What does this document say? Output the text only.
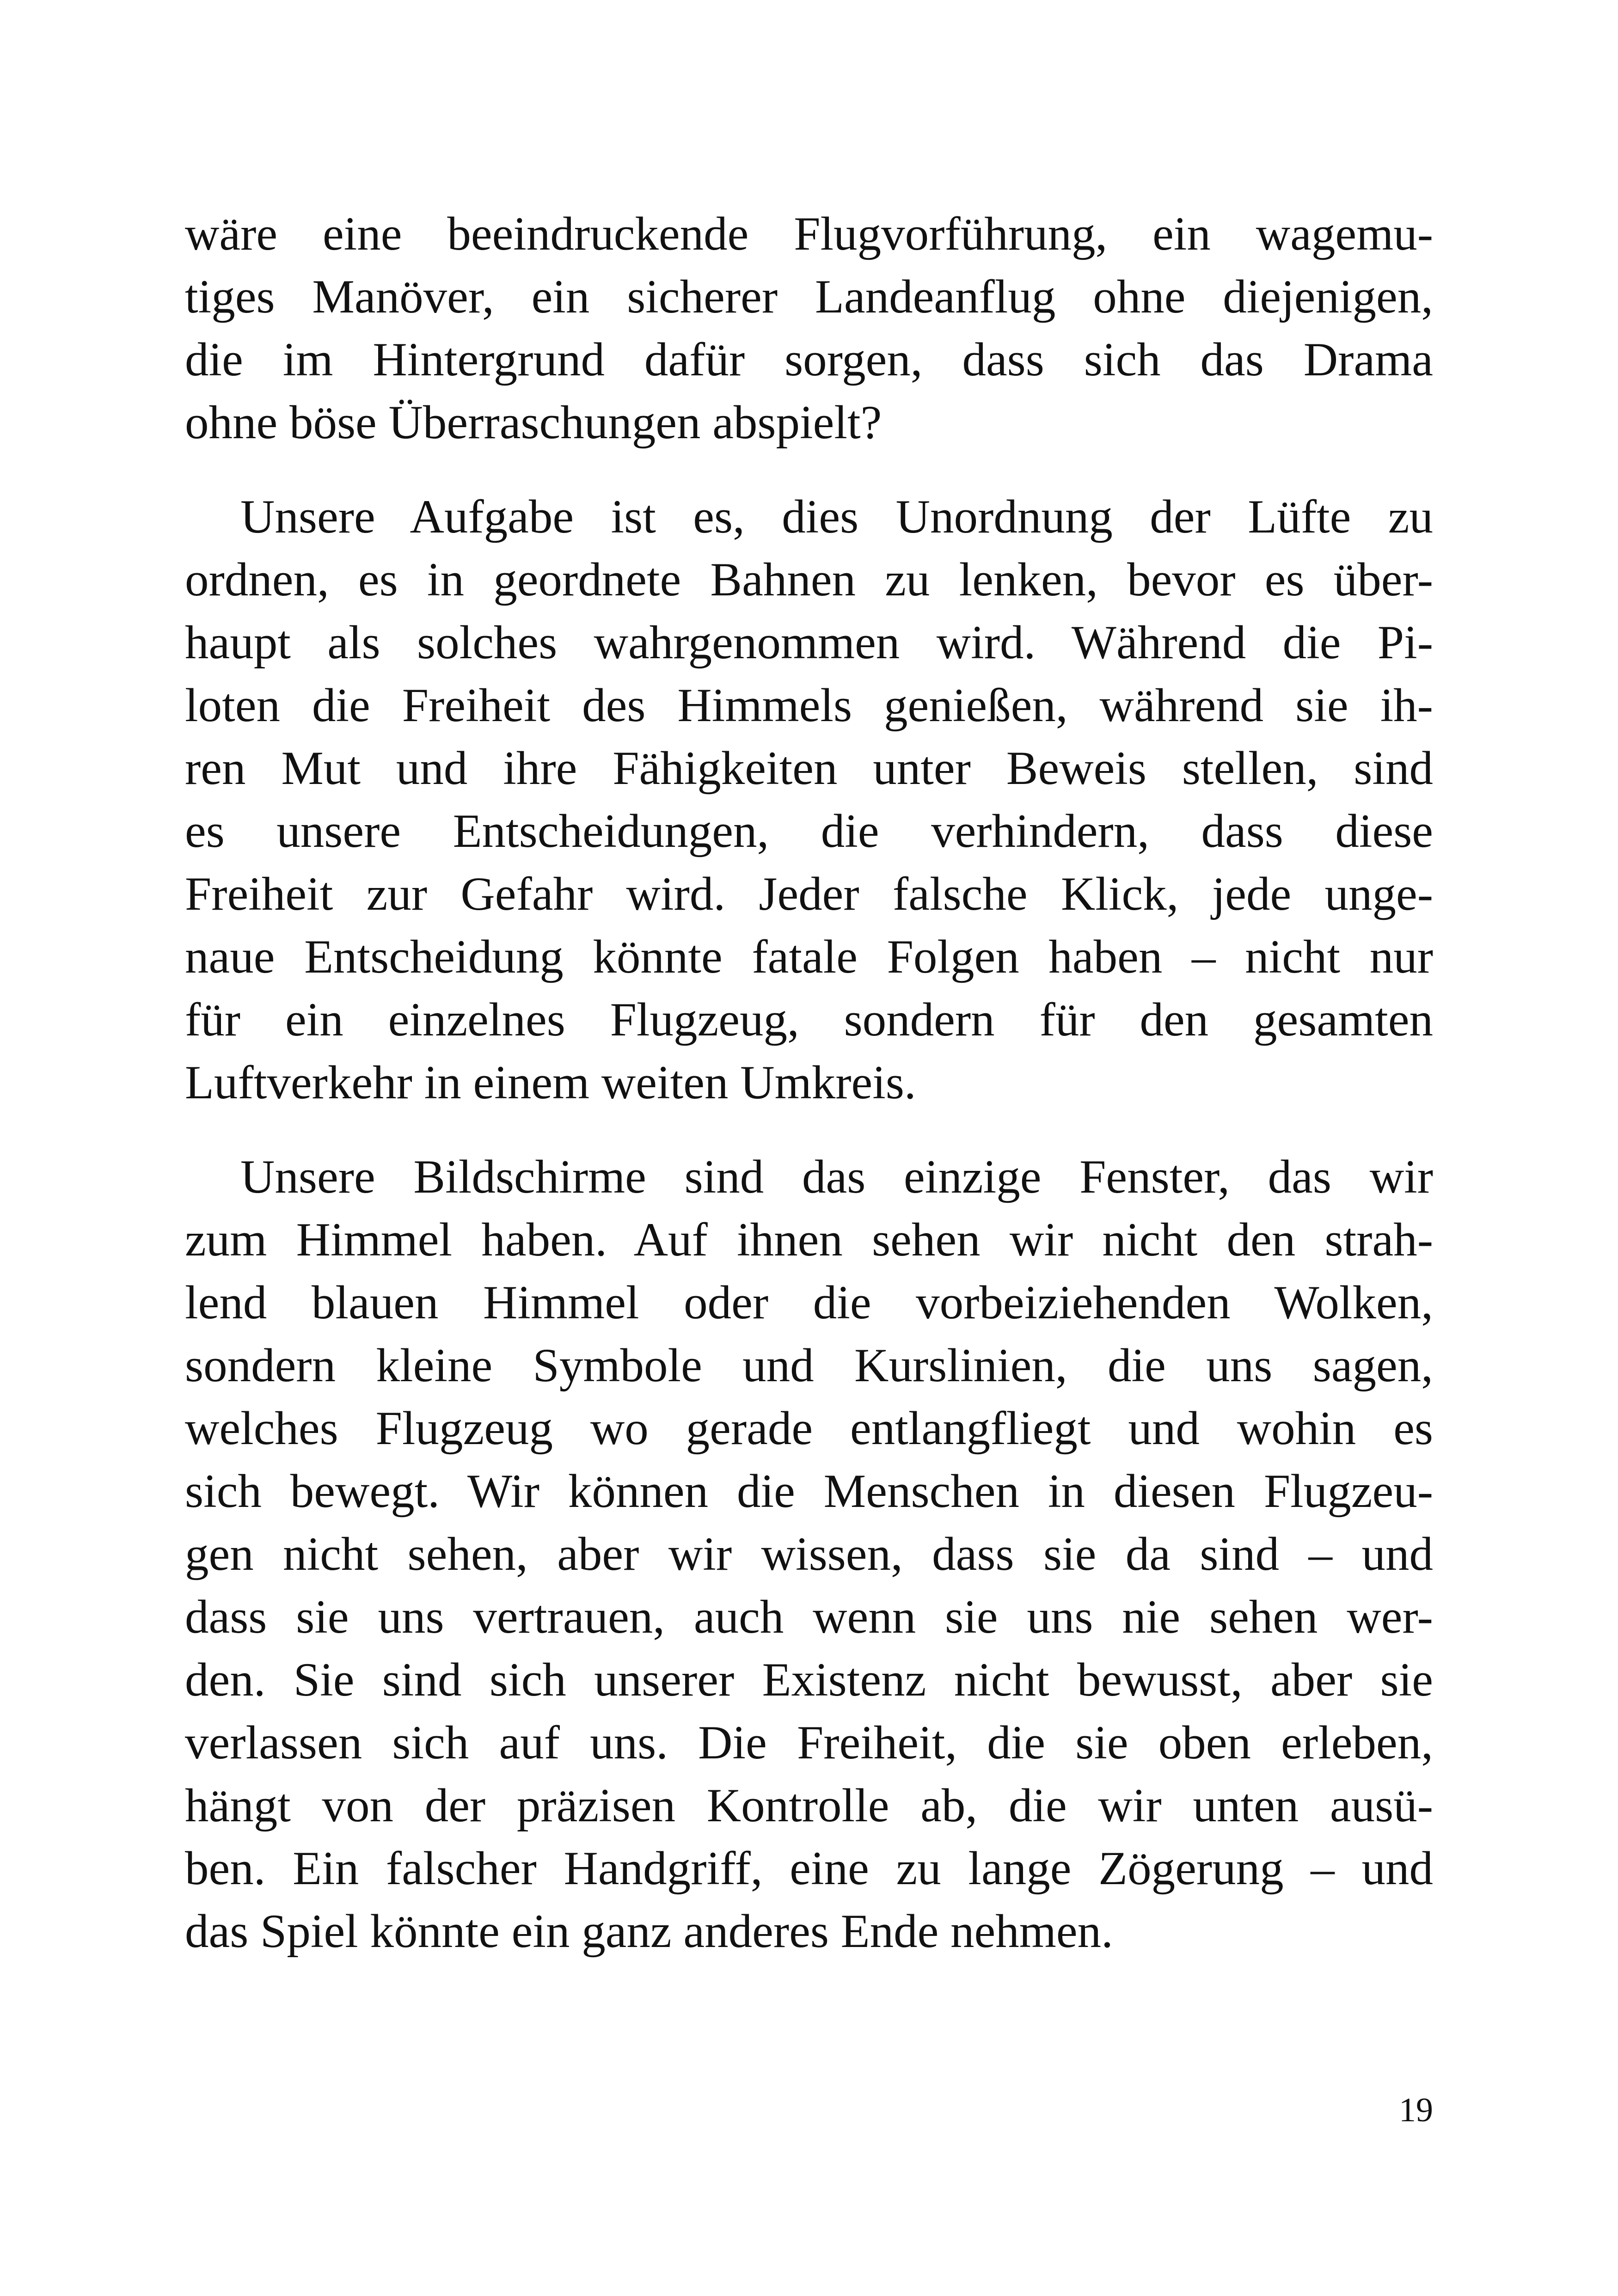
wäre eine beeindruckende Flugvorführung, ein wagemu-
tiges Manöver, ein sicherer Landeanflug ohne diejenigen,
die im Hintergrund dafür sorgen, dass sich das Drama
ohne böse Überraschungen abspielt?

Unsere Aufgabe ist es, dies Unordnung der Lüfte zu
ordnen, es in geordnete Bahnen zu lenken, bevor es über-
haupt als solches wahrgenommen wird. Während die Pi-
loten die Freiheit des Himmels genießen, während sie ih-
ren Mut und ihre Fähigkeiten unter Beweis stellen, sind
es unsere Entscheidungen, die verhindern, dass diese
Freiheit zur Gefahr wird. Jeder falsche Klick, jede unge-
naue Entscheidung könnte fatale Folgen haben – nicht nur
für ein einzelnes Flugzeug, sondern für den gesamten
Luftverkehr in einem weiten Umkreis.

Unsere Bildschirme sind das einzige Fenster, das wir
zum Himmel haben. Auf ihnen sehen wir nicht den strah-
lend blauen Himmel oder die vorbeiziehenden Wolken,
sondern kleine Symbole und Kurslinien, die uns sagen,
welches Flugzeug wo gerade entlangfliegt und wohin es
sich bewegt. Wir können die Menschen in diesen Flugzeu-
gen nicht sehen, aber wir wissen, dass sie da sind – und
dass sie uns vertrauen, auch wenn sie uns nie sehen wer-
den. Sie sind sich unserer Existenz nicht bewusst, aber sie
verlassen sich auf uns. Die Freiheit, die sie oben erleben,
hängt von der präzisen Kontrolle ab, die wir unten ausü-
ben. Ein falscher Handgriff, eine zu lange Zögerung – und
das Spiel könnte ein ganz anderes Ende nehmen.

19
